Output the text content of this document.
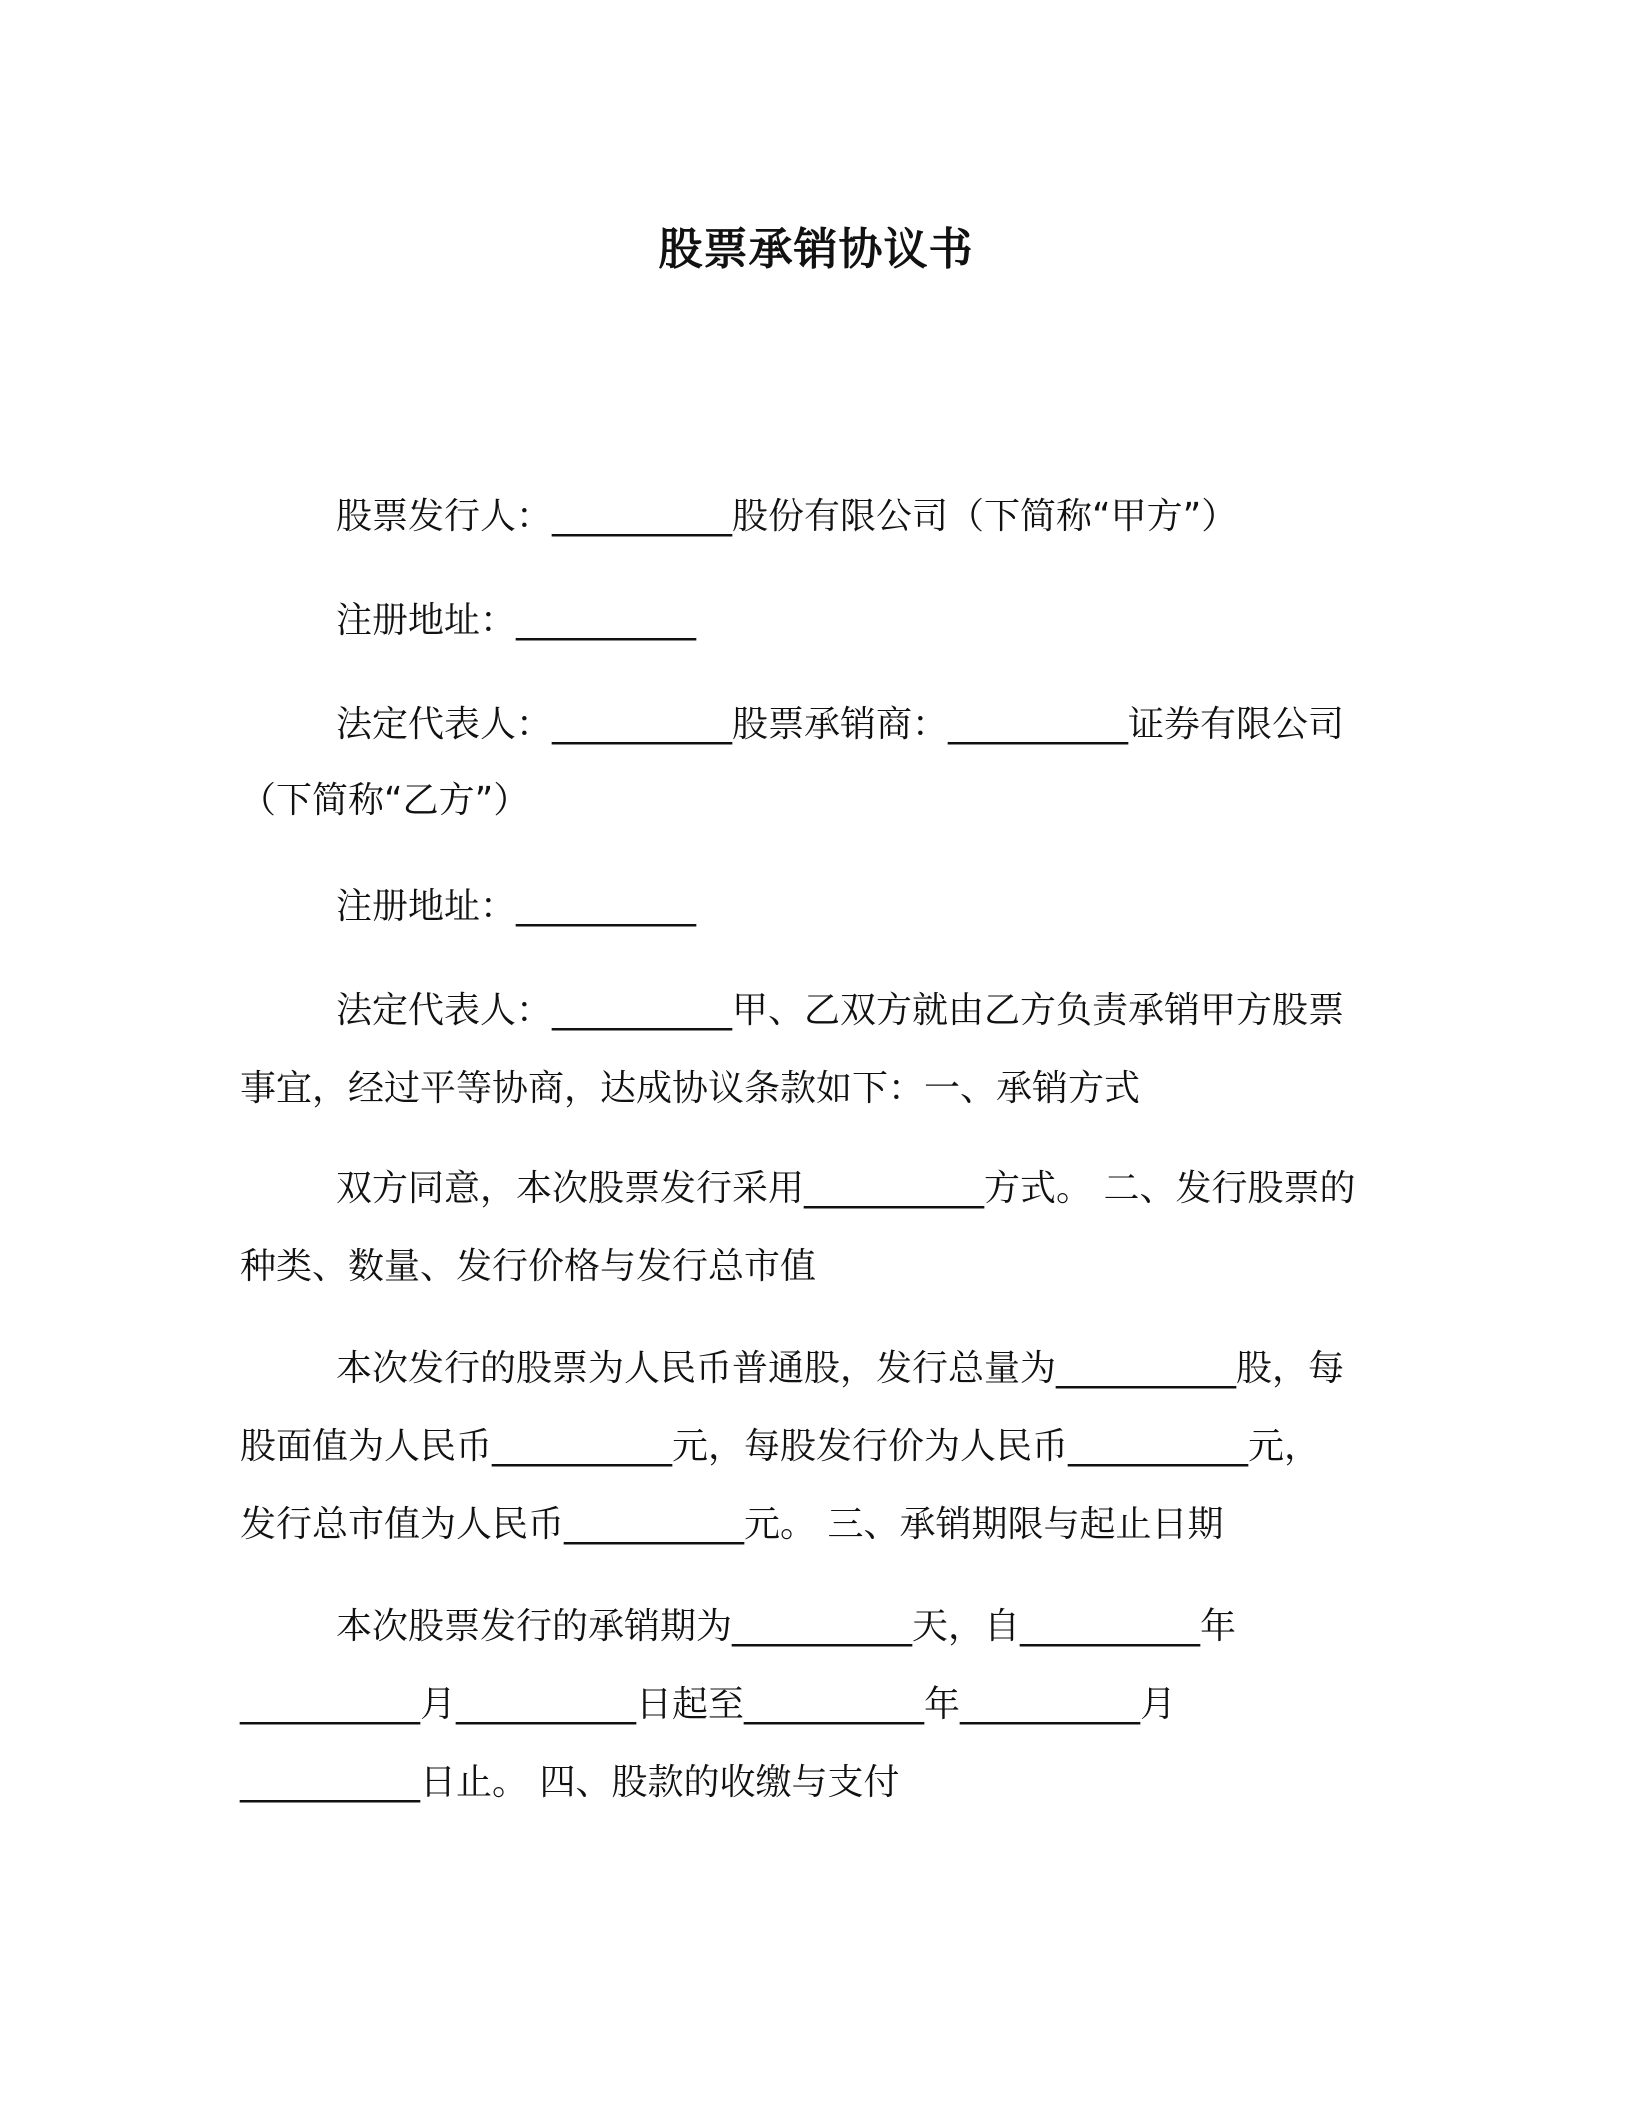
股票承销协议书
股票发行人：__________股份有限公司（下简称“甲方”）
注册地址：__________
法定代表人：__________股票承销商：__________证券有限公司
（下简称“乙方”）
注册地址：__________
法定代表人：__________甲、乙双方就由乙方负责承销甲方股票
事宜，经过平等协商，达成协议条款如下：一、承销方式
双方同意，本次股票发行采用__________方式。 二、发行股票的
种类、数量、发行价格与发行总市值
本次发行的股票为人民币普通股，发行总量为__________股，每
股面值为人民币__________元，每股发行价为人民币__________元，
发行总市值为人民币__________元。 三、承销期限与起止日期
本次股票发行的承销期为__________天，自__________年
__________月__________日起至__________年__________月
__________日止。 四、股款的收缴与支付
